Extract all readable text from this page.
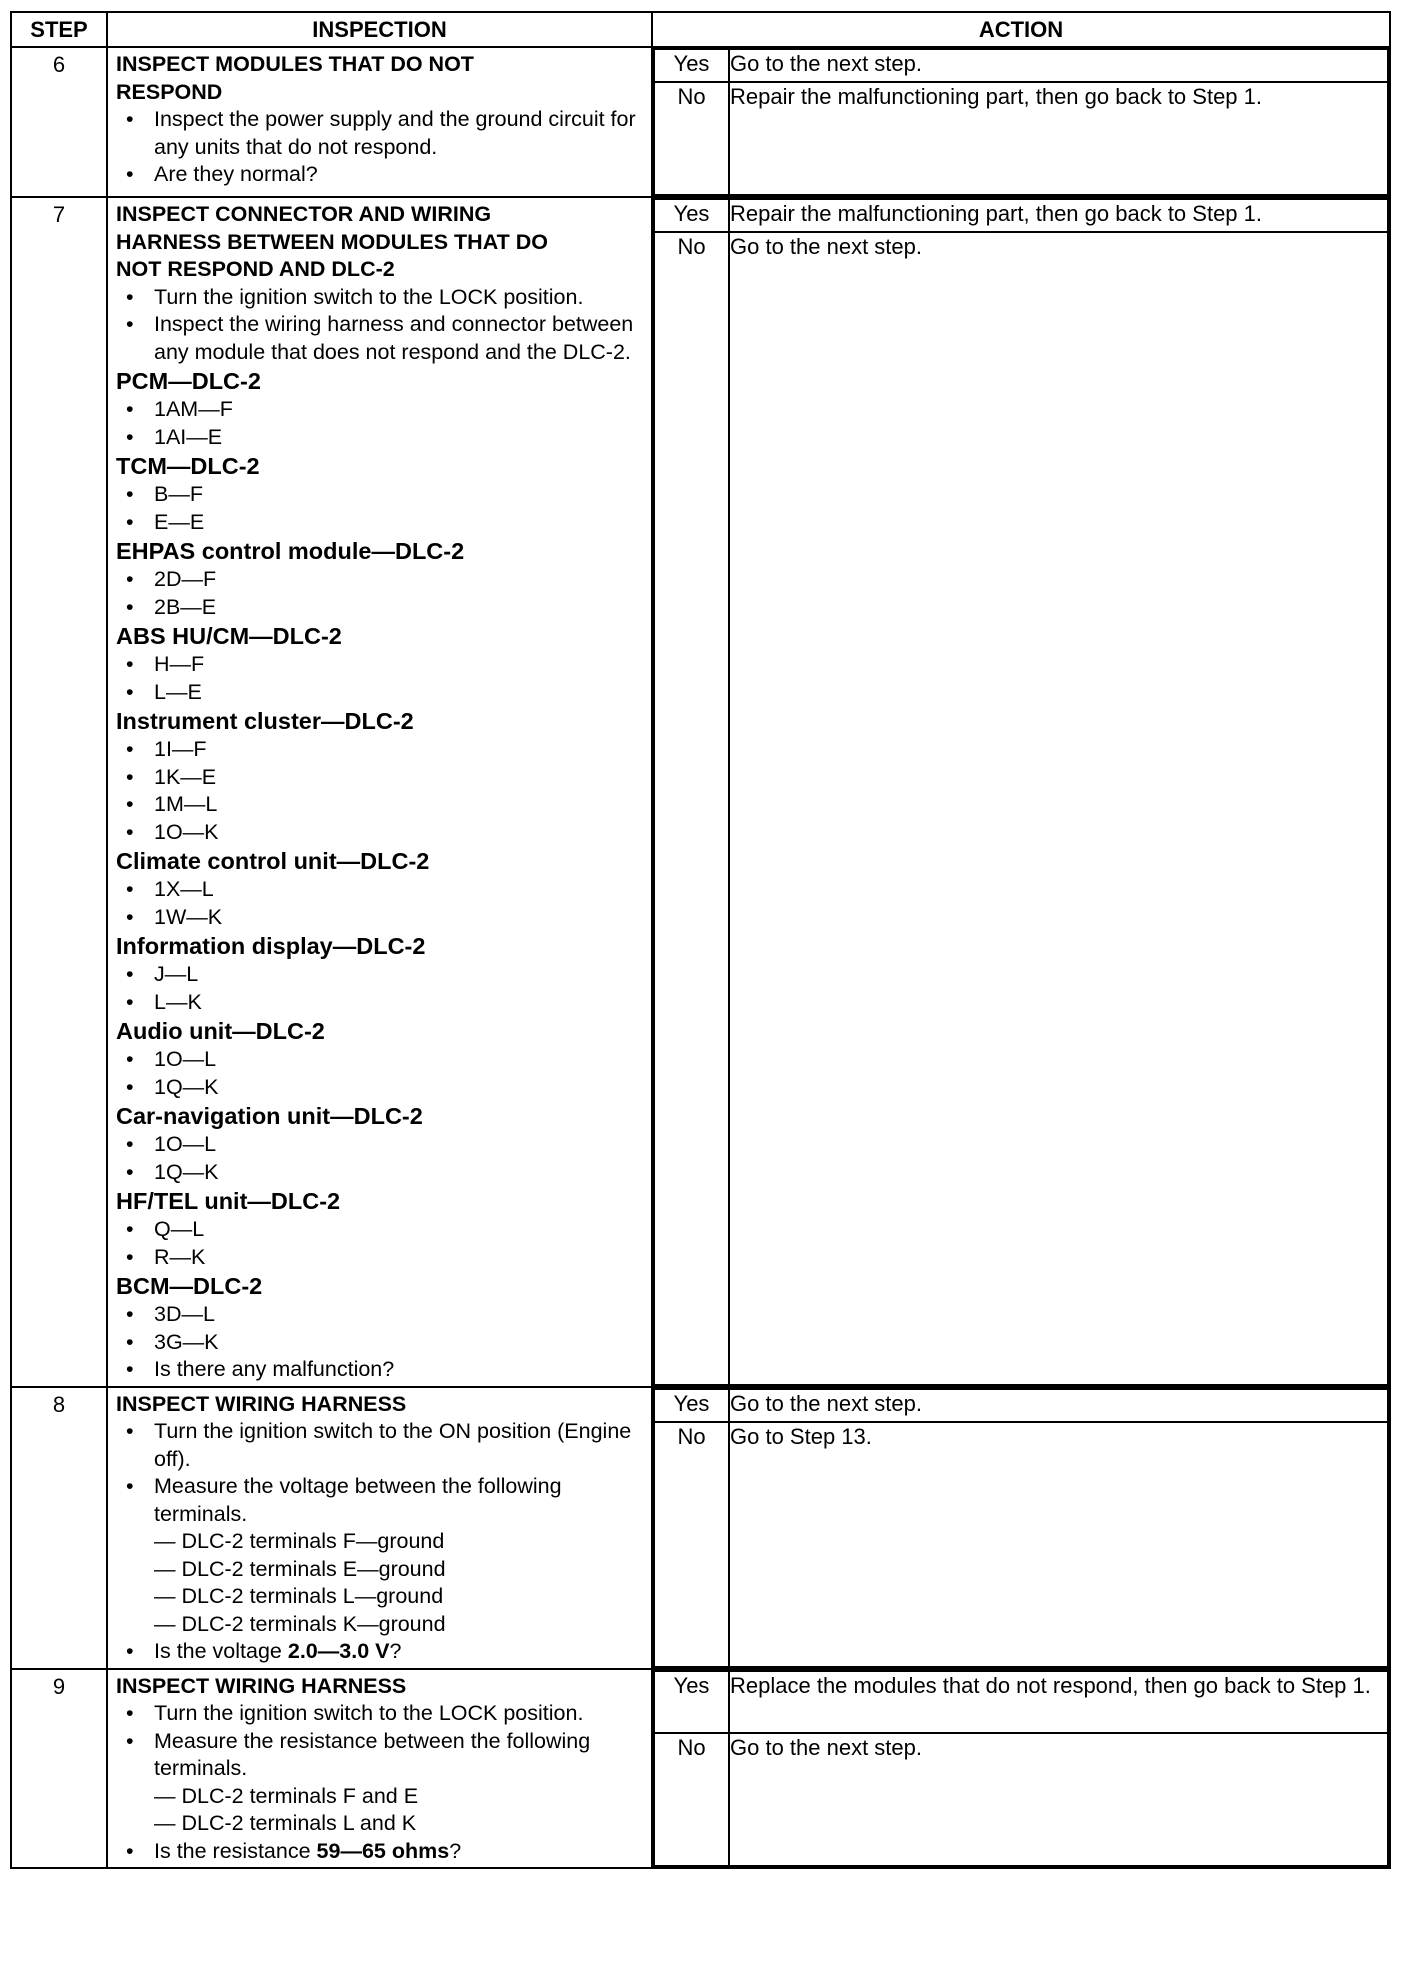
STEP	INSPECTION	ACTION
6	INSPECT MODULES THAT DO NOT
RESPOND
• Inspect the power supply and the ground circuit for any units that do not respond.
• Are they normal?

Yes	Go to the next step.
No	Repair the malfunctioning part, then go back to Step 1.

7	INSPECT CONNECTOR AND WIRING
HARNESS BETWEEN MODULES THAT DO
NOT RESPOND AND DLC-2
• Turn the ignition switch to the LOCK position.
• Inspect the wiring harness and connector between any module that does not respond and the DLC-2.
PCM—DLC-2
• 1AM—F
• 1AI—E
TCM—DLC-2
• B—F
• E—E
EHPAS control module—DLC-2
• 2D—F
• 2B—E
ABS HU/CM—DLC-2
• H—F
• L—E
Instrument cluster—DLC-2
• 1I—F
• 1K—E
• 1M—L
• 1O—K
Climate control unit—DLC-2
• 1X—L
• 1W—K
Information display—DLC-2
• J—L
• L—K
Audio unit—DLC-2
• 1O—L
• 1Q—K
Car-navigation unit—DLC-2
• 1O—L
• 1Q—K
HF/TEL unit—DLC-2
• Q—L
• R—K
BCM—DLC-2
• 3D—L
• 3G—K
• Is there any malfunction?

Yes	Repair the malfunctioning part, then go back to Step 1.
No	Go to the next step.

8	INSPECT WIRING HARNESS
• Turn the ignition switch to the ON position (Engine off).
• Measure the voltage between the following terminals.
— DLC-2 terminals F—ground
— DLC-2 terminals E—ground
— DLC-2 terminals L—ground
— DLC-2 terminals K—ground
• Is the voltage 2.0—3.0 V?

Yes	Go to the next step.
No	Go to Step 13.

9	INSPECT WIRING HARNESS
• Turn the ignition switch to the LOCK position.
• Measure the resistance between the following terminals.
— DLC-2 terminals F and E
— DLC-2 terminals L and K
• Is the resistance 59—65 ohms?

Yes	Replace the modules that do not respond, then go back to Step 1.
No	Go to the next step.
